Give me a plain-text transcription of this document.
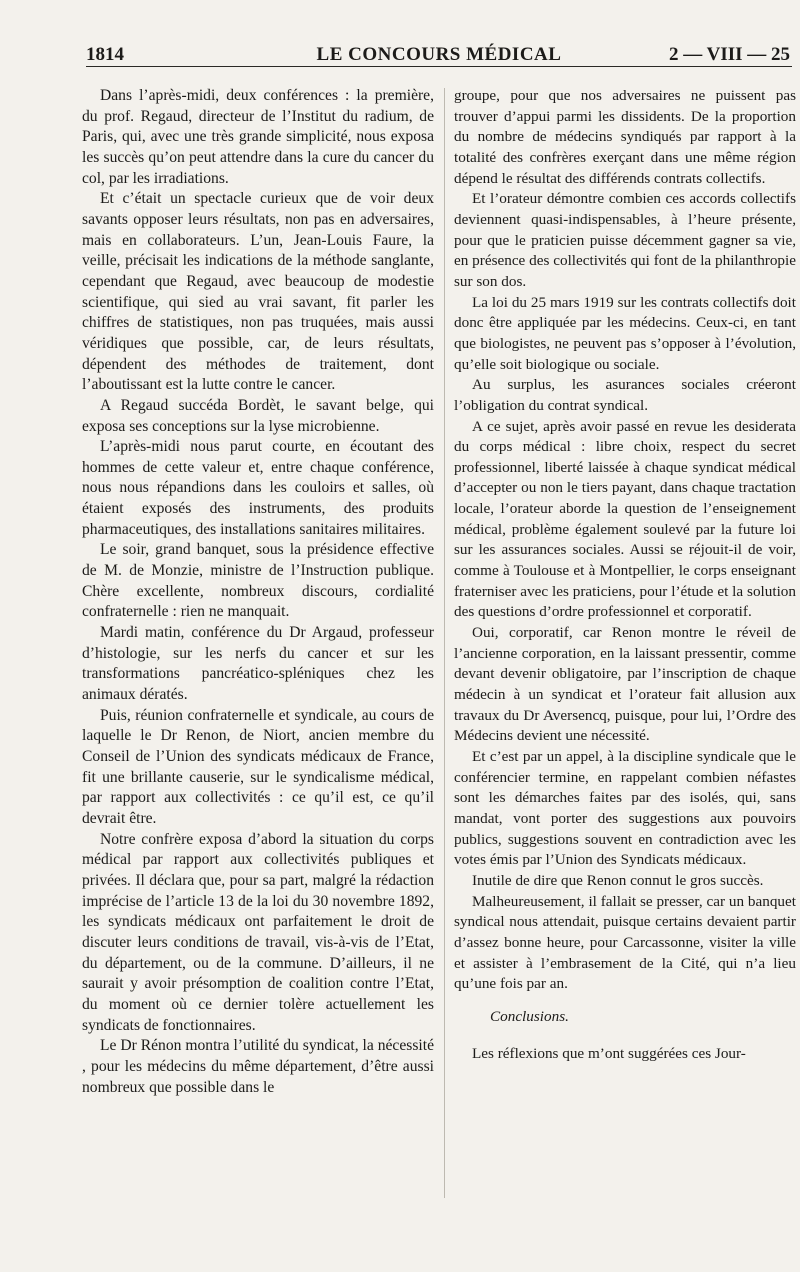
1814	LE CONCOURS MÉDICAL	2 — VIII — 25

Dans l’après-midi, deux conférences : la première, du prof. Regaud, directeur de l’Institut du radium, de Paris, qui, avec une très grande simplicité, nous exposa les succès qu’on peut attendre dans la cure du cancer du col, par les irradiations.

Et c’était un spectacle curieux que de voir deux savants opposer leurs résultats, non pas en adversaires, mais en collaborateurs. L’un, Jean-Louis Faure, la veille, précisait les indications de la méthode sanglante, cependant que Regaud, avec beaucoup de modestie scientifique, qui sied au vrai savant, fit parler les chiffres de statistiques, non pas truquées, mais aussi véridiques que possible, car, de leurs résultats, dépendent des méthodes de traitement, dont l’aboutissant est la lutte contre le cancer.

A Regaud succéda Bordèt, le savant belge, qui exposa ses conceptions sur la lyse microbienne.

L’après-midi nous parut courte, en écoutant des hommes de cette valeur et, entre chaque conférence, nous nous répandions dans les couloirs et salles, où étaient exposés des instruments, des produits pharmaceutiques, des installations sanitaires militaires.

Le soir, grand banquet, sous la présidence effective de M. de Monzie, ministre de l’Instruction publique. Chère excellente, nombreux discours, cordialité confraternelle : rien ne manquait.

Mardi matin, conférence du Dr Argaud, professeur d’histologie, sur les nerfs du cancer et sur les transformations pancréatico-spléniques chez les animaux dératés.

Puis, réunion confraternelle et syndicale, au cours de laquelle le Dr Renon, de Niort, ancien membre du Conseil de l’Union des syndicats médicaux de France, fit une brillante causerie, sur le syndicalisme médical, par rapport aux collectivités : ce qu’il est, ce qu’il devrait être.

Notre confrère exposa d’abord la situation du corps médical par rapport aux collectivités publiques et privées. Il déclara que, pour sa part, malgré la rédaction imprécise de l’article 13 de la loi du 30 novembre 1892, les syndicats médicaux ont parfaitement le droit de discuter leurs conditions de travail, vis-à-vis de l’Etat, du département, ou de la commune. D’ailleurs, il ne saurait y avoir présomption de coalition contre l’Etat, du moment où ce dernier tolère actuellement les syndicats de fonctionnaires.

Le Dr Rénon montra l’utilité du syndicat, la nécessité , pour les médecins du même département, d’être aussi nombreux que possible dans le

groupe, pour que nos adversaires ne puissent pas trouver d’appui parmi les dissidents. De la proportion du nombre de médecins syndiqués par rapport à la totalité des confrères exerçant dans une même région dépend le résultat des différends contrats collectifs.

Et l’orateur démontre combien ces accords collectifs deviennent quasi-indispensables, à l’heure présente, pour que le praticien puisse décemment gagner sa vie, en présence des collectivités qui font de la philanthropie sur son dos.

La loi du 25 mars 1919 sur les contrats collectifs doit donc être appliquée par les médecins. Ceux-ci, en tant que biologistes, ne peuvent pas s’opposer à l’évolution, qu’elle soit biologique ou sociale.

Au surplus, les asurances sociales créeront l’obligation du contrat syndical.

A ce sujet, après avoir passé en revue les desiderata du corps médical : libre choix, respect du secret professionnel, liberté laissée à chaque syndicat médical d’accepter ou non le tiers payant, dans chaque tractation locale, l’orateur aborde la question de l’enseignement médical, problème également soulevé par la future loi sur les assurances sociales. Aussi se réjouit-il de voir, comme à Toulouse et à Montpellier, le corps enseignant fraterniser avec les praticiens, pour l’étude et la solution des questions d’ordre professionnel et corporatif.

Oui, corporatif, car Renon montre le réveil de l’ancienne corporation, en la laissant pressentir, comme devant devenir obligatoire, par l’inscription de chaque médecin à un syndicat et l’orateur fait allusion aux travaux du Dr Aversencq, puisque, pour lui, l’Ordre des Médecins devient une nécessité.

Et c’est par un appel, à la discipline syndicale que le conférencier termine, en rappelant combien néfastes sont les démarches faites par des isolés, qui, sans mandat, vont porter des suggestions aux pouvoirs publics, suggestions souvent en contradiction avec les votes émis par l’Union des Syndicats médicaux.

Inutile de dire que Renon connut le gros succès.

Malheureusement, il fallait se presser, car un banquet syndical nous attendait, puisque certains devaient partir d’assez bonne heure, pour Carcassonne, visiter la ville et assister à l’embrasement de la Cité, qui n’a lieu qu’une fois par an.

Conclusions.

Les réflexions que m’ont suggérées ces Jour-
